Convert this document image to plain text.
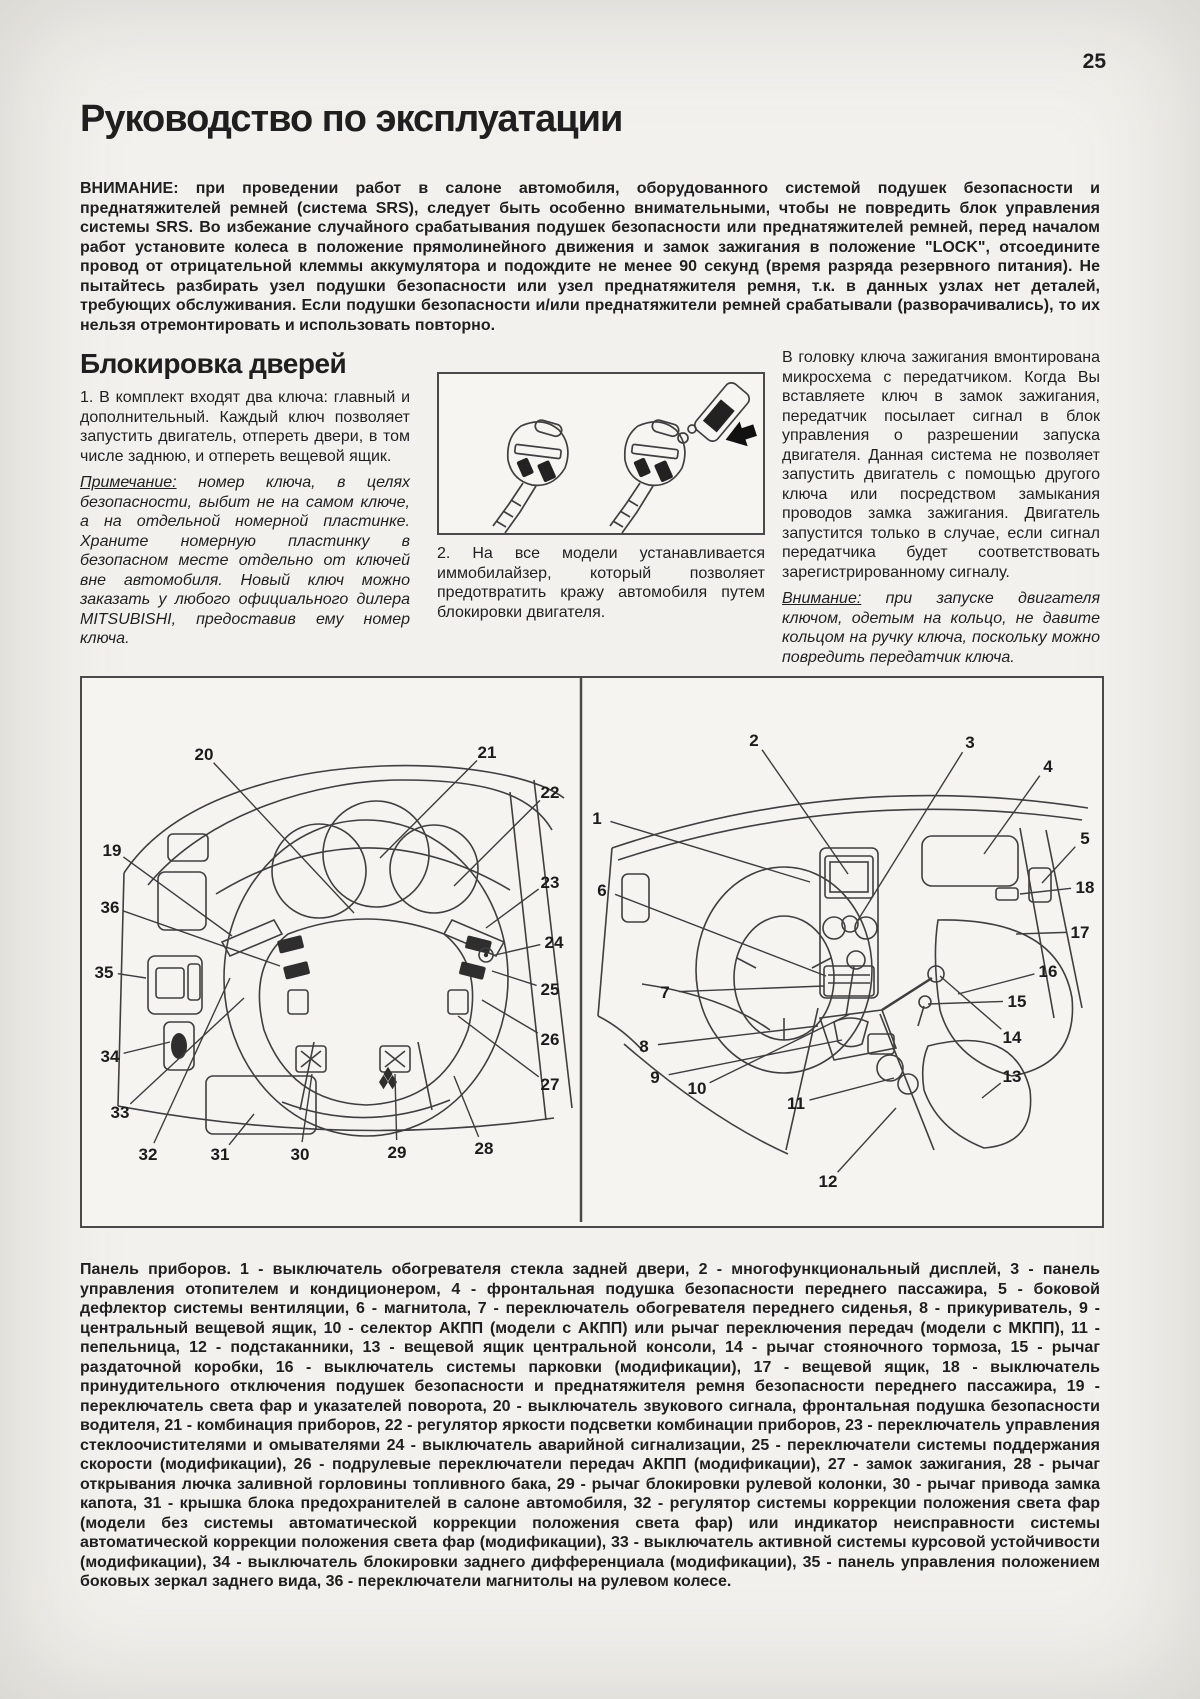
25
Руководство по эксплуатации

ВНИМАНИЕ: при проведении работ в салоне автомобиля, оборудованного системой подушек безопасности и преднатяжителей ремней (система SRS), следует быть особенно внимательными, чтобы не повредить блок управления системы SRS. Во избежание случайного срабатывания подушек безопасности или преднатяжителей ремней, перед началом работ установите колеса в положение прямолинейного движения и замок зажигания в положение "LOCK", отсоедините провод от отрицательной клеммы аккумулятора и подождите не менее 90 секунд (время разряда резервного питания). Не пытайтесь разбирать узел подушки безопасности или узел преднатяжителя ремня, т.к. в данных узлах нет деталей, требующих обслуживания. Если подушки безопасности и/или преднатяжители ремней срабатывали (разворачивались), то их нельзя отремонтировать и использовать повторно.

Блокировка дверей

1. В комплект входят два ключа: главный и дополнительный. Каждый ключ позволяет запустить двигатель, отпереть двери, в том числе заднюю, и отпереть вещевой ящик.

Примечание: номер ключа, в целях безопасности, выбит не на самом ключе, а на отдельной номерной пластинке. Храните номерную пластинку в безопасном месте отдельно от ключей вне автомобиля. Новый ключ можно заказать у любого официального дилера MITSUBISHI, предоставив ему номер ключа.

2. На все модели устанавливается иммобилайзер, который позволяет предотвратить кражу автомобиля путем блокировки двигателя.

В головку ключа зажигания вмонтирована микросхема с передатчиком. Когда Вы вставляете ключ в замок зажигания, передатчик посылает сигнал в блок управления о разрешении запуска двигателя. Данная система не позволяет запустить двигатель с помощью другого ключа или посредством замыкания проводов замка зажигания. Двигатель запустится только в случае, если сигнал передатчика будет соответствовать зарегистрированному сигналу.

Внимание: при запуске двигателя ключом, одетым на кольцо, не давите кольцом на ручку ключа, поскольку можно повредить передатчик ключа.

19
20	21
22
23
24
25
26
27
28
29
30
31
32
33
34
35
36
1
2	3
4
5
6
7
8
9
10
11
12
13
14
15
16
17
18

Панель приборов. 1 - выключатель обогревателя стекла задней двери, 2 - многофункциональный дисплей, 3 - панель управления отопителем и кондиционером, 4 - фронтальная подушка безопасности переднего пассажира, 5 - боковой дефлектор системы вентиляции, 6 - магнитола, 7 - переключатель обогревателя переднего сиденья, 8 - прикуриватель, 9 - центральный вещевой ящик, 10 - селектор АКПП (модели с АКПП) или рычаг переключения передач (модели с МКПП), 11 - пепельница, 12 - подстаканники, 13 - вещевой ящик центральной консоли, 14 - рычаг стояночного тормоза, 15 - рычаг раздаточной коробки, 16 - выключатель системы парковки (модификации), 17 - вещевой ящик, 18 - выключатель принудительного отключения подушек безопасности и преднатяжителя ремня безопасности переднего пассажира, 19 - переключатель света фар и указателей поворота, 20 - выключатель звукового сигнала, фронтальная подушка безопасности водителя, 21 - комбинация приборов, 22 - регулятор яркости подсветки комбинации приборов, 23 - переключатель управления стеклоочистителями и омывателями 24 - выключатель аварийной сигнализации, 25 - переключатели системы поддержания скорости (модификации), 26 - подрулевые переключатели передач АКПП (модификации), 27 - замок зажигания, 28 - рычаг открывания лючка заливной горловины топливного бака, 29 - рычаг блокировки рулевой колонки, 30 - рычаг привода замка капота, 31 - крышка блока предохранителей в салоне автомобиля, 32 - регулятор системы коррекции положения света фар (модели без системы автоматической коррекции положения света фар) или индикатор неисправности системы автоматической коррекции положения света фар (модификации), 33 - выключатель активной системы курсовой устойчивости (модификации), 34 - выключатель блокировки заднего дифференциала (модификации), 35 - панель управления положением боковых зеркал заднего вида, 36 - переключатели магнитолы на рулевом колесе.
